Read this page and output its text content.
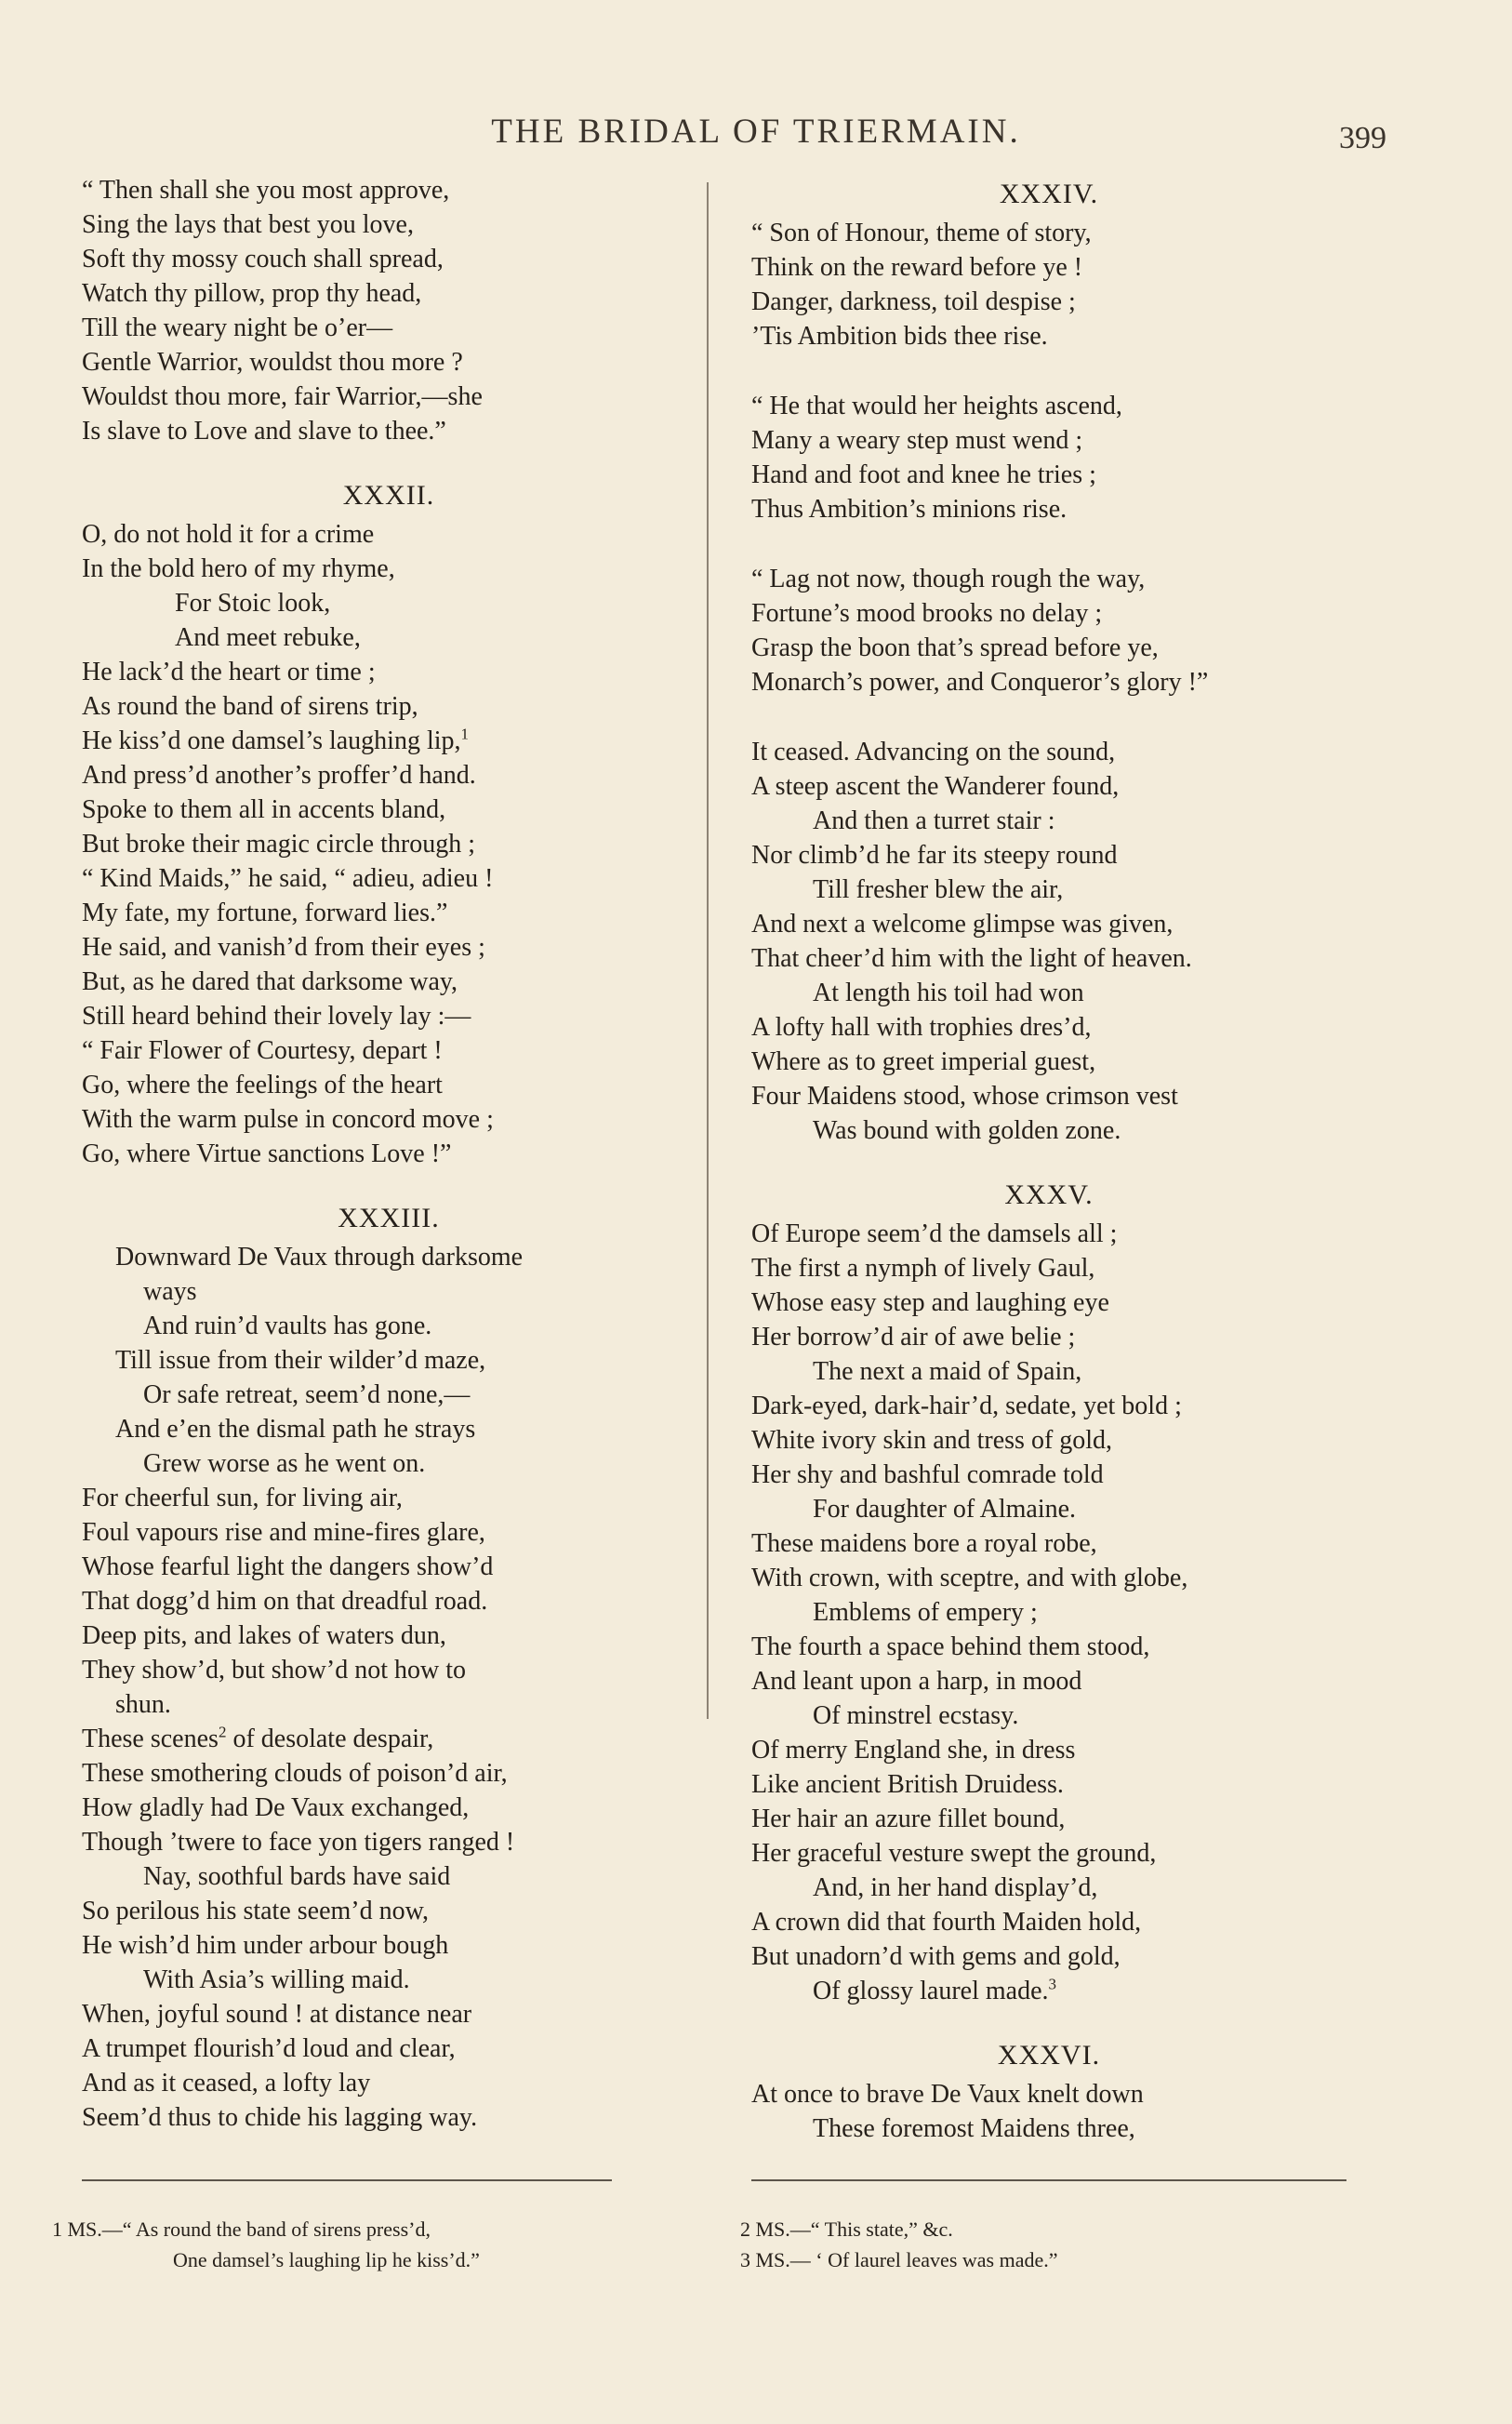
THE BRIDAL OF TRIERMAIN.	399
“ Then shall she you most approve,
Sing the lays that best you love,
Soft thy mossy couch shall spread,
Watch thy pillow, prop thy head,
Till the weary night be o’er—
Gentle Warrior, wouldst thou more ?
Wouldst thou more, fair Warrior,—she
Is slave to Love and slave to thee.”
XXXII.
O, do not hold it for a crime
In the bold hero of my rhyme,
For Stoic look,
And meet rebuke,
He lack’d the heart or time ;
As round the band of sirens trip,
He kiss’d one damsel’s laughing lip,$^1$
And press’d another’s proffer’d hand.
Spoke to them all in accents bland,
But broke their magic circle through ;
“ Kind Maids,” he said, “ adieu, adieu !
My fate, my fortune, forward lies.”
He said, and vanish’d from their eyes ;
But, as he dared that darksome way,
Still heard behind their lovely lay :—
“ Fair Flower of Courtesy, depart !
Go, where the feelings of the heart
With the warm pulse in concord move ;
Go, where Virtue sanctions Love !”
XXXIII.
Downward De Vaux through darksome
ways
And ruin’d vaults has gone.
Till issue from their wilder’d maze,
Or safe retreat, seem’d none,—
And e’en the dismal path he strays
Grew worse as he went on.
For cheerful sun, for living air,
Foul vapours rise and mine-fires glare,
Whose fearful light the dangers show’d
That dogg’d him on that dreadful road.
Deep pits, and lakes of waters dun,
They show’d, but show’d not how to
shun.
These scenes$^2$ of desolate despair,
These smothering clouds of poison’d air,
How gladly had De Vaux exchanged,
Though ’twere to face yon tigers ranged !
Nay, soothful bards have said
So perilous his state seem’d now,
He wish’d him under arbour bough
With Asia’s willing maid.
When, joyful sound ! at distance near
A trumpet flourish’d loud and clear,
And as it ceased, a lofty lay
Seem’d thus to chide his lagging way.
XXXIV.
“ Son of Honour, theme of story,
Think on the reward before ye !
Danger, darkness, toil despise ;
’Tis Ambition bids thee rise.
“ He that would her heights ascend,
Many a weary step must wend ;
Hand and foot and knee he tries ;
Thus Ambition’s minions rise.
“ Lag not now, though rough the way,
Fortune’s mood brooks no delay ;
Grasp the boon that’s spread before ye,
Monarch’s power, and Conqueror’s glory !”
It ceased. Advancing on the sound,
A steep ascent the Wanderer found,
And then a turret stair :
Nor climb’d he far its steepy round
Till fresher blew the air,
And next a welcome glimpse was given,
That cheer’d him with the light of heaven.
At length his toil had won
A lofty hall with trophies dres’d,
Where as to greet imperial guest,
Four Maidens stood, whose crimson vest
Was bound with golden zone.
XXXV.
Of Europe seem’d the damsels all ;
The first a nymph of lively Gaul,
Whose easy step and laughing eye
Her borrow’d air of awe belie ;
The next a maid of Spain,
Dark-eyed, dark-hair’d, sedate, yet bold ;
White ivory skin and tress of gold,
Her shy and bashful comrade told
For daughter of Almaine.
These maidens bore a royal robe,
With crown, with sceptre, and with globe,
Emblems of empery ;
The fourth a space behind them stood,
And leant upon a harp, in mood
Of minstrel ecstasy.
Of merry England she, in dress
Like ancient British Druidess.
Her hair an azure fillet bound,
Her graceful vesture swept the ground,
And, in her hand display’d,
A crown did that fourth Maiden hold,
But unadorn’d with gems and gold,
Of glossy laurel made.$^3$
XXXVI.
At once to brave De Vaux knelt down
These foremost Maidens three,
1 MS.—“ As round the band of sirens press’d,
One damsel’s laughing lip he kiss’d.”
2 MS.—“ This state,” &c.
3 MS.— ‘ Of laurel leaves was made.”
